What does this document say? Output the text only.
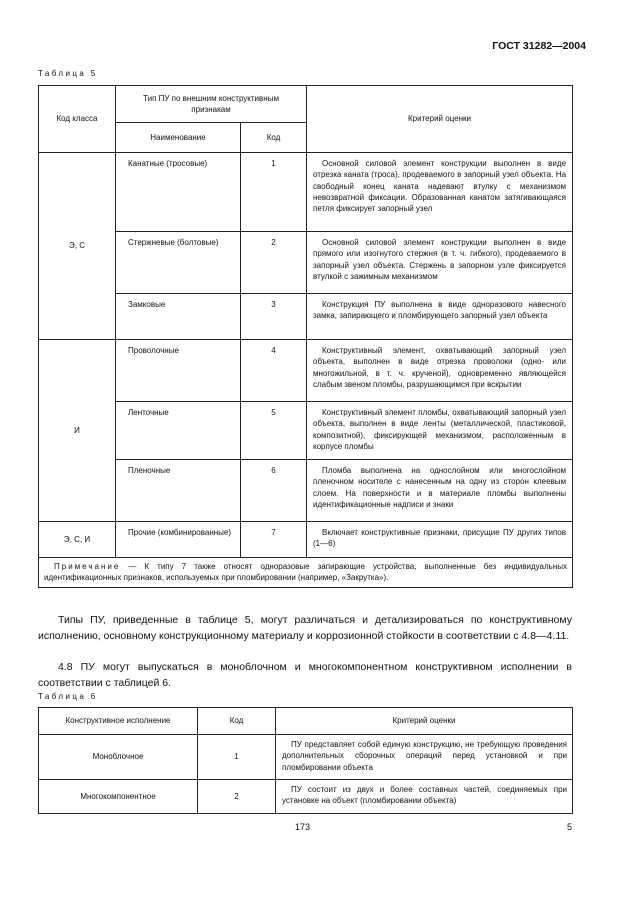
ГОСТ 31282—2004
Таблица 5
Код класса	Тип ПУ по внешним конструктивным признакам		Критерий оценки
	Наименование	Код	
Э, С	Канатные (тросовые)	1	Основной силовой элемент конструкции выполнен в виде отрезка каната (троса), продеваемого в запорный узел объекта. На свободный конец каната надевают втулку с механизмом невозвратной фиксации. Образованная канатом затягивающаяся петля фиксирует запорный узел
	Стержневые (болтовые)	2	Основной силовой элемент конструкции выполнен в виде прямого или изогнутого стержня (в т. ч. гибкого), продеваемого в запорный узел объекта. Стержень в запорном узле фиксируется втулкой с зажимным механизмом
	Замковые	3	Конструкция ПУ выполнена в виде одноразового навесного замка, запирающего и пломбирующего запорный узел объекта
И	Проволочные	4	Конструктивный элемент, охватывающий запорный узел объекта, выполнен в виде отрезка проволоки (одно- или многожильной, в т. ч. крученой), одновременно являющейся слабым звеном пломбы, разрушающимся при вскрытии
	Ленточные	5	Конструктивный элемент пломбы, охватывающий запорный узел объекта, выполнен в виде ленты (металлической, пластиковой, композитной), фиксирующей механизмом, расположенным в корпусе пломбы
	Пленочные	6	Пломба выполнена на однослойном или многослойном пленочном носителе с нанесенным на одну из сторон клеевым слоем. На поверхности и в материале пломбы выполнены идентификационные надписи и знаки
Э, С, И	Прочие (комбинированные)	7	Включает конструктивные признаки, присущие ПУ других типов (1—6)
Примечание — К типу 7 также относят одноразовые запирающие устройства, выполненные без индивидуальных идентификационных признаков, используемых при пломбировании (например, «Закрутка»).			

Типы ПУ, приведенные в таблице 5, могут различаться и детализироваться по конструктивному исполнению, основному конструкционному материалу и коррозионной стойкости в соответствии с 4.8—4.11.

4.8 ПУ могут выпускаться в моноблочном и многокомпонентном конструктивном исполнении в соответствии с таблицей 6.

Таблица 6
Конструктивное исполнение	Код	Критерий оценки
Моноблочное	1	ПУ представляет собой единую конструкцию, не требующую проведения дополнительных сборочных операций перед установкой и при пломбировании объекта
Многокомпонентное	2	ПУ состоит из двух и более составных частей, соединяемых при установке на объект (пломбировании объекта)
173	5
